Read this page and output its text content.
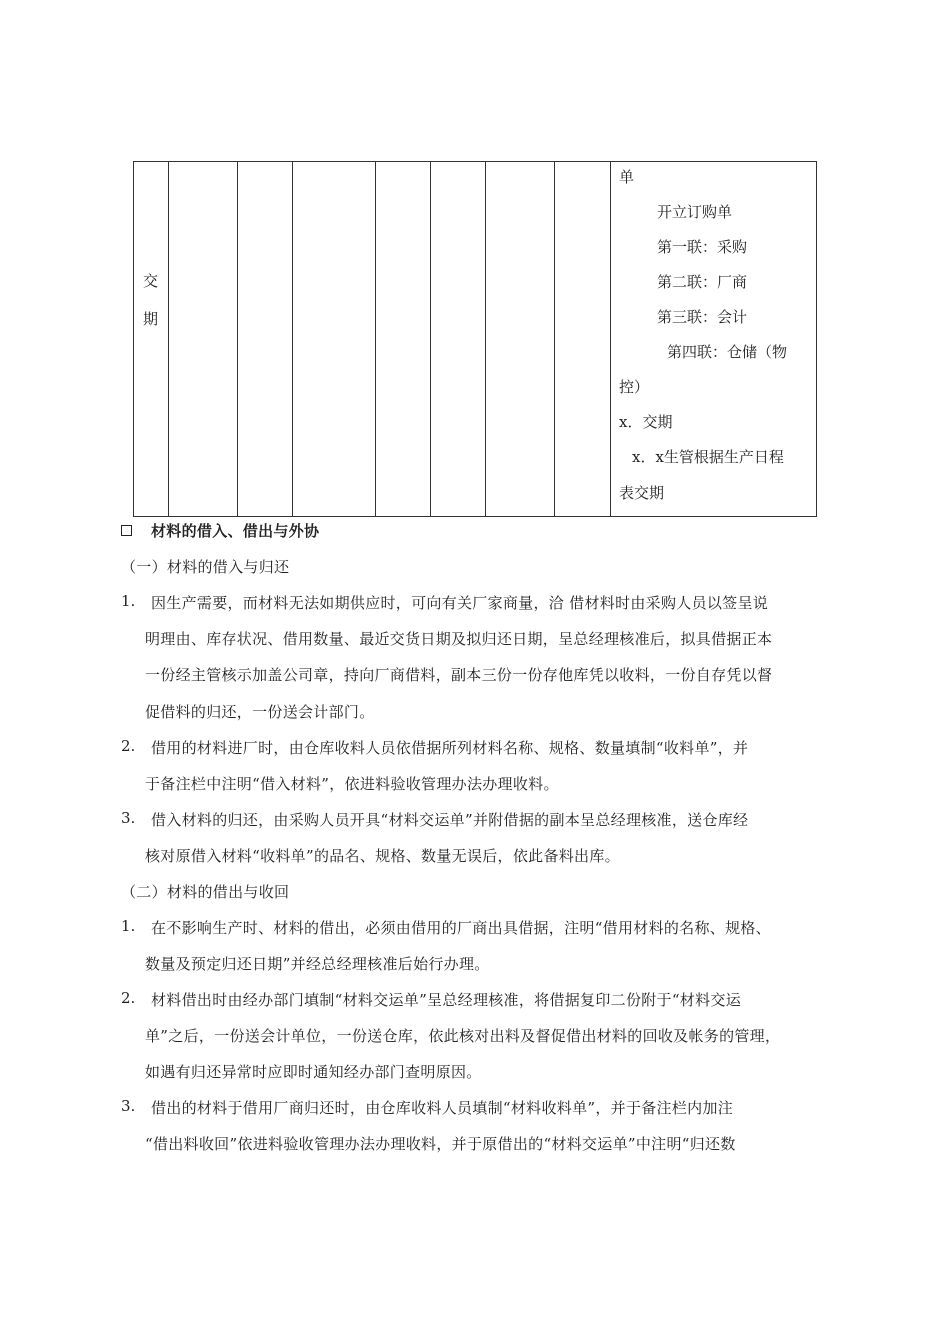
交
期
单
开立订购单
第一联：采购
第二联：厂商
第三联：会计
第四联：仓储（物
控）
x．交期
x．x生管根据生产日程
表交期
材料的借入、借出与外协
（一）材料的借入与归还
1. 因生产需要，而材料无法如期供应时，可向有关厂家商量，洽 借材料时由采购人员以签呈说
明理由、库存状况、借用数量、最近交货日期及拟归还日期，呈总经理核准后，拟具借据正本
一份经主管核示加盖公司章，持向厂商借料，副本三份一份存他库凭以收料，一份自存凭以督
促借料的归还，一份送会计部门。
2. 借用的材料进厂时，由仓库收料人员依借据所列材料名称、规格、数量填制“收料单”，并
于备注栏中注明“借入材料”，依进料验收管理办法办理收料。
3. 借入材料的归还，由采购人员开具“材料交运单”并附借据的副本呈总经理核准，送仓库经
核对原借入材料“收料单”的品名、规格、数量无误后，依此备料出库。
（二）材料的借出与收回
1. 在不影响生产时、材料的借出，必须由借用的厂商出具借据，注明“借用材料的名称、规格、
数量及预定归还日期”并经总经理核准后始行办理。
2. 材料借出时由经办部门填制“材料交运单”呈总经理核准，将借据复印二份附于“材料交运
单”之后，一份送会计单位，一份送仓库，依此核对出料及督促借出材料的回收及帐务的管理，
如遇有归还异常时应即时通知经办部门查明原因。
3. 借出的材料于借用厂商归还时，由仓库收料人员填制“材料收料单”，并于备注栏内加注
“借出料收回”依进料验收管理办法办理收料，并于原借出的“材料交运单”中注明“归还数
